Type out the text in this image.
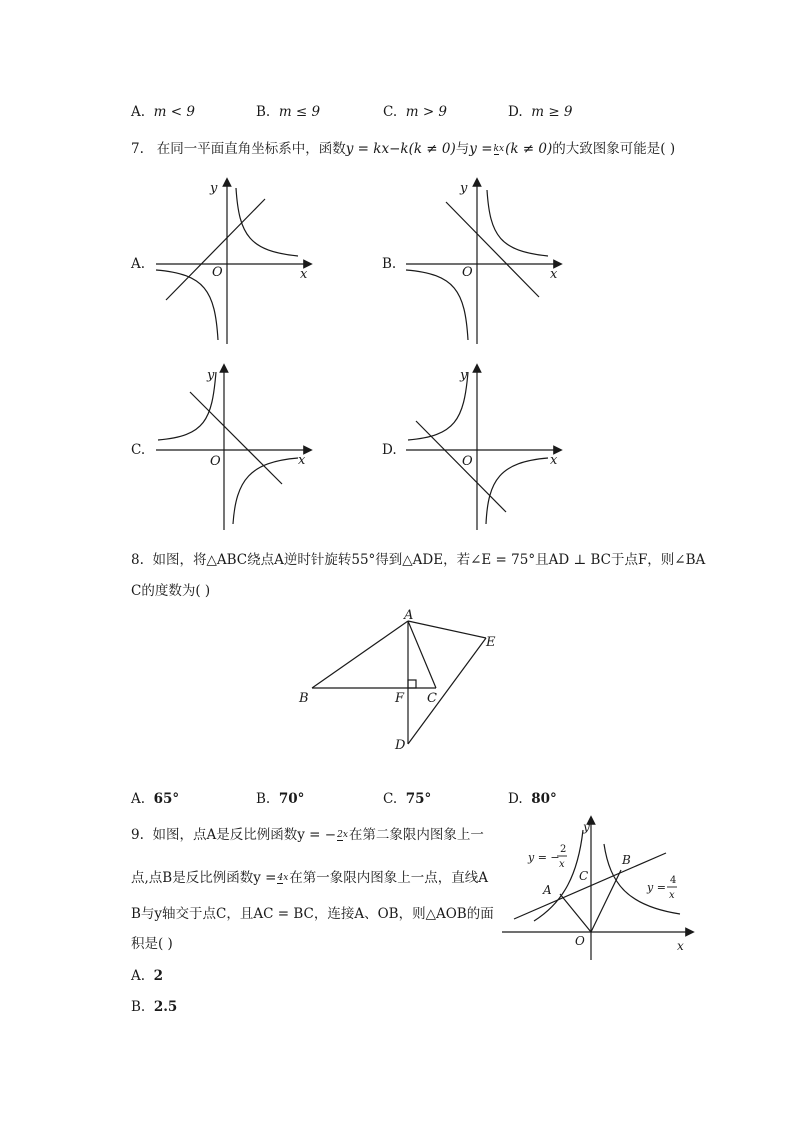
A. m < 9	B. m ≤ 9	C. m > 9	D. m ≥ 9
7. 在同一平面直角坐标系中，函数y = kx−k(k ≠ 0)与y =kx(k ≠ 0)的大致图象可能是( )
A.
O	x
y
B.
O	x
y
C.
O	x
y
D.
O	x
y
8. 如图，将△ABC绕点A逆时针旋转55°得到△ADE，若∠E = 75°且AD ⊥ BC于点F，则∠BA
C的度数为( )
A
B	C
D
E
F
A. 65°	B. 70°	C. 75°	D. 80°
9. 如图，点A是反比例函数y = −2x在第二象限内图象上一
点,点B是反比例函数y =4x在第一象限内图象上一点，直线A
B与y轴交于点C，且AC = BC，连接A、OB，则△AOB的面
积是( )
y
x
O
A
B
C
y = −
2
x
y =
4
x
A. 2
B. 2.5
